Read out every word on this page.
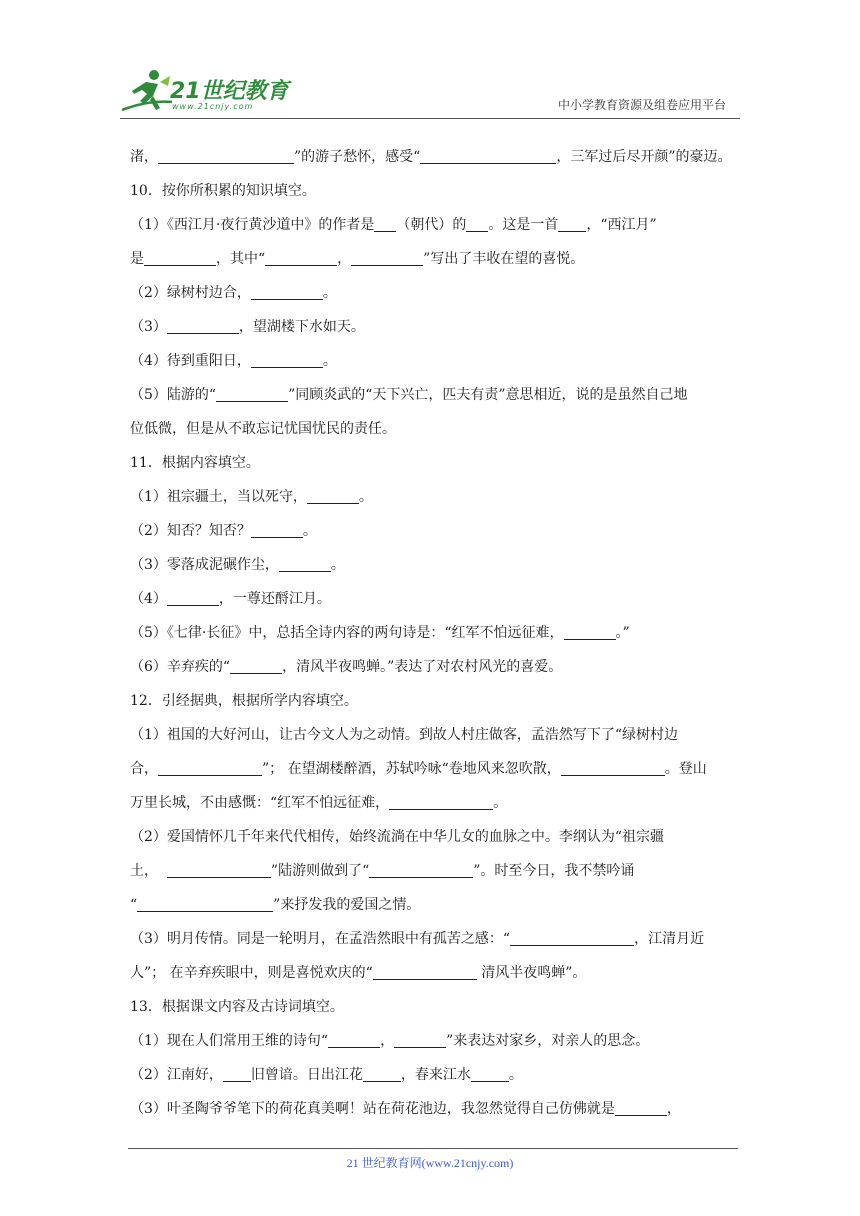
21世纪教育
www.21cnjy.com	中小学教育资源及组卷应用平台
渚，	”的游子愁怀，感受“	，三军过后尽开颜”的豪迈。
10．按你所积累的知识填空。
（1）《西江月·夜行黄沙道中》的作者是 （朝代）的 。这是一首 ，“西江月”
是	，其中“	，	”写出了丰收在望的喜悦。
（2）绿树村边合，	。
（3）	，望湖楼下水如天。
（4）待到重阳日，	。
（5）陆游的“	”同顾炎武的“天下兴亡，匹夫有责”意思相近，说的是虽然自己地
位低微，但是从不敢忘记忧国忧民的责任。
11．根据内容填空。
（1）祖宗疆土，当以死守，	。
（2）知否？知否？	。
（3）零落成泥碾作尘，	。
（4）	，一尊还酹江月。
（5）《七律·长征》中，总括全诗内容的两句诗是：“红军不怕远征难，	。”
（6）辛弃疾的“	，清风半夜鸣蝉。”表达了对农村风光的喜爱。
12．引经据典，根据所学内容填空。
（1）祖国的大好河山，让古今文人为之动情。到故人村庄做客，孟浩然写下了“绿树村边
合，	”； 在望湖楼醉酒，苏轼吟咏“卷地风来忽吹散，	。登山
万里长城，不由感慨：“红军不怕远征难，	。
（2）爱国情怀几千年来代代相传，始终流淌在中华儿女的血脉之中。李纲认为“祖宗疆
土，	”陆游则做到了“	”。时至今日，我不禁吟诵
“	”来抒发我的爱国之情。
（3）明月传情。同是一轮明月，在孟浩然眼中有孤苦之感：“	，江清月近
人”； 在辛弃疾眼中，则是喜悦欢庆的“	清风半夜鸣蝉”。
13．根据课文内容及古诗词填空。
（1）现在人们常用王维的诗句“	，	”来表达对家乡，对亲人的思念。
（2）江南好， 旧曾谙。日出江花	，春来江水	。
（3）叶圣陶爷爷笔下的荷花真美啊！站在荷花池边，我忽然觉得自己仿佛就是	，
21 世纪教育网(www.21cnjy.com)
